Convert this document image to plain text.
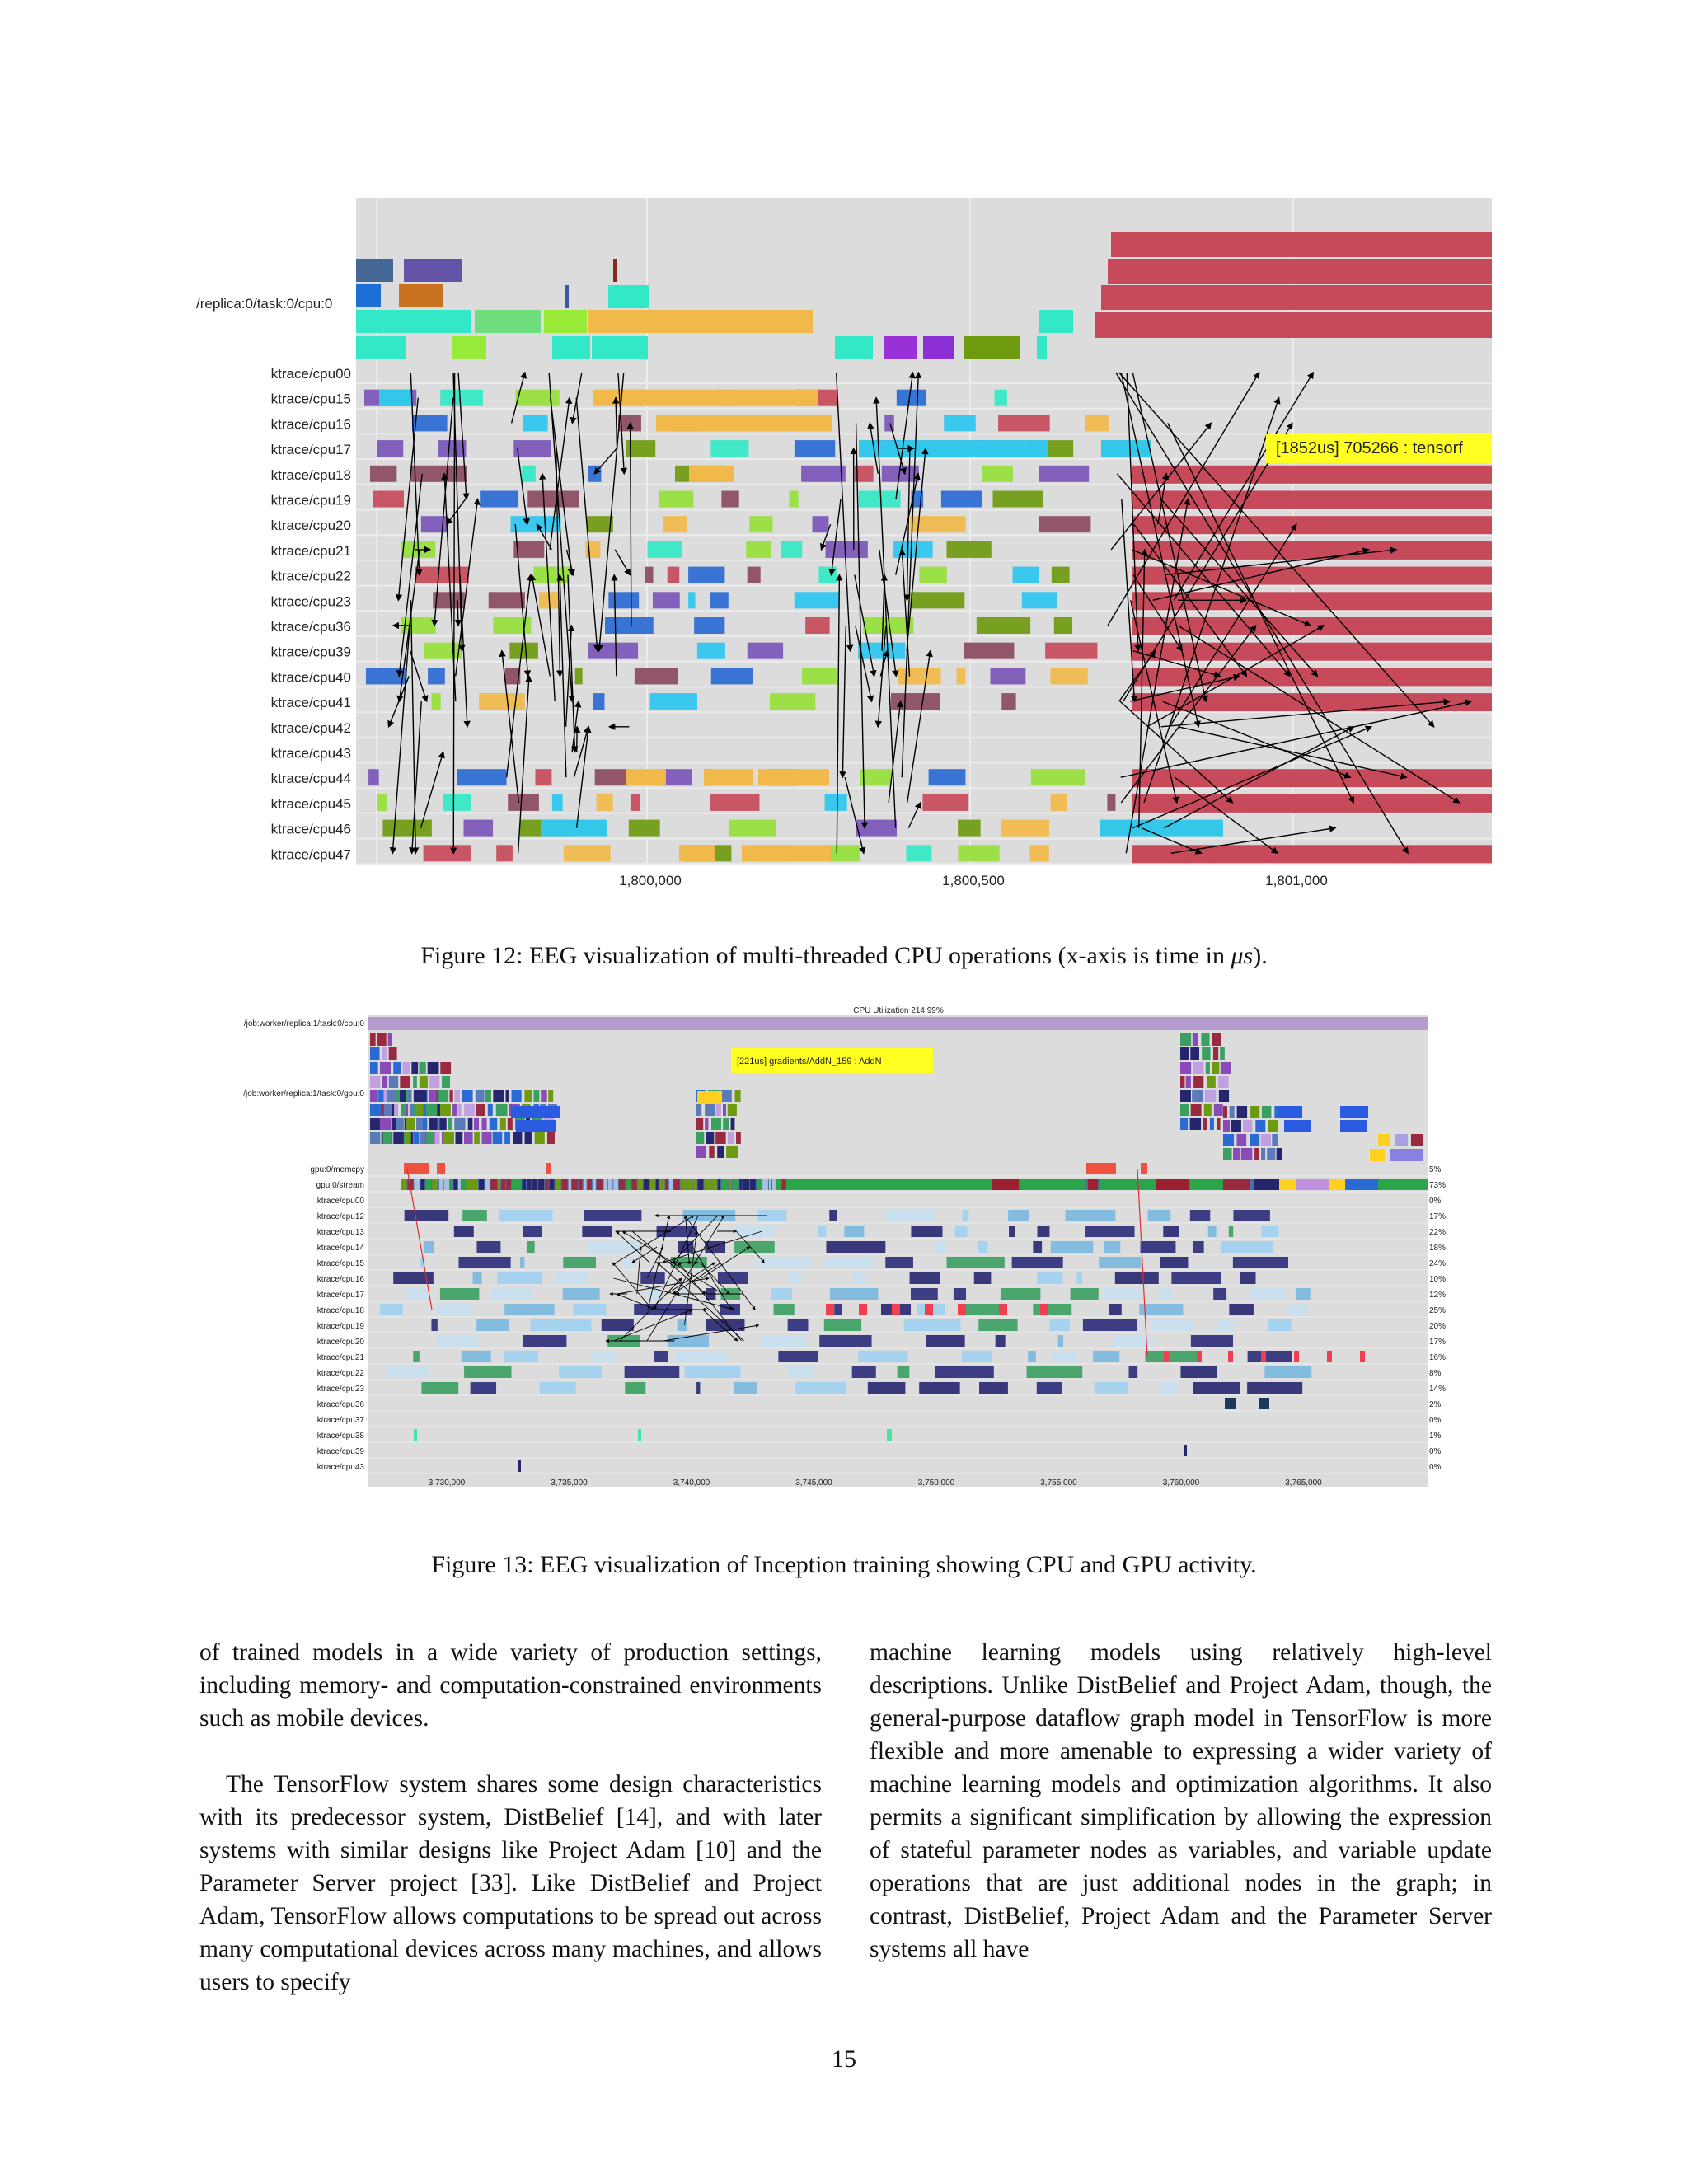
/replica:0/task:0/cpu:0
ktrace/cpu00
ktrace/cpu15
ktrace/cpu16
ktrace/cpu17
ktrace/cpu18
ktrace/cpu19
ktrace/cpu20
ktrace/cpu21
ktrace/cpu22
ktrace/cpu23
ktrace/cpu36
ktrace/cpu39
ktrace/cpu40
ktrace/cpu41
ktrace/cpu42
ktrace/cpu43
ktrace/cpu44
ktrace/cpu45
ktrace/cpu46
ktrace/cpu47
[1852us] 705266 : tensorf
1,800,000	1,800,500	1,801,000
Figure 12: EEG visualization of multi-threaded CPU operations (x-axis is time in μs).
CPU Utilization 214.99%
/job:worker/replica:1/task:0/cpu:0
/job:worker/replica:1/task:0/gpu:0
[221us] gradients/AddN_159 : AddN
gpu:0/memcpy	5%
gpu:0/stream	73%
ktrace/cpu00	0%
ktrace/cpu12	17%
ktrace/cpu13	22%
ktrace/cpu14	18%
ktrace/cpu15	24%
ktrace/cpu16	10%
ktrace/cpu17	12%
ktrace/cpu18	25%
ktrace/cpu19	20%
ktrace/cpu20	17%
ktrace/cpu21	16%
ktrace/cpu22	8%
ktrace/cpu23	14%
ktrace/cpu36	2%
ktrace/cpu37	0%
ktrace/cpu38	1%
ktrace/cpu39	0%
ktrace/cpu43	0%
3,730,000	3,735,000	3,740,000	3,745,000	3,750,000	3,755,000	3,760,000	3,765,000
Figure 13: EEG visualization of Inception training showing CPU and GPU activity.

of trained models in a wide variety of production settings, including memory- and computation-constrained environments such as mobile devices.

The TensorFlow system shares some design characteristics with its predecessor system, DistBelief [14], and with later systems with similar designs like Project Adam [10] and the Parameter Server project [33]. Like DistBelief and Project Adam, TensorFlow allows computations to be spread out across many computational devices across many machines, and allows users to specify

machine learning models using relatively high-level descriptions. Unlike DistBelief and Project Adam, though, the general-purpose dataflow graph model in TensorFlow is more flexible and more amenable to expressing a wider variety of machine learning models and optimization algorithms. It also permits a significant simplification by allowing the expression of stateful parameter nodes as variables, and variable update operations that are just additional nodes in the graph; in contrast, DistBelief, Project Adam and the Parameter Server systems all have

15
